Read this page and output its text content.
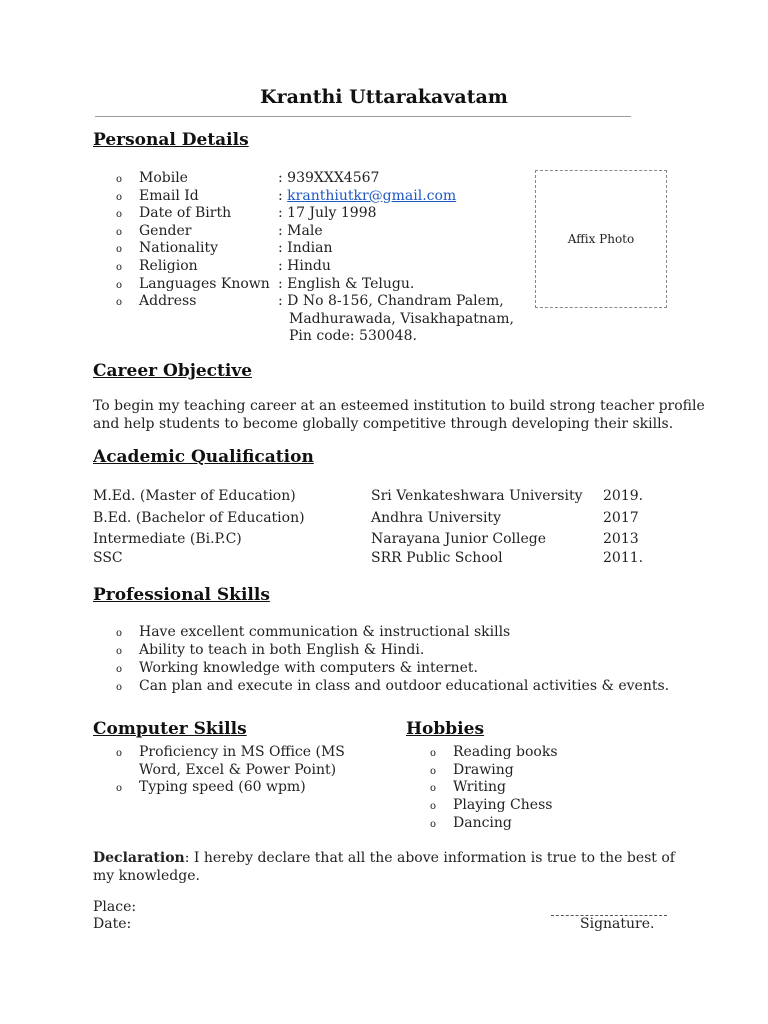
Kranthi Uttarakavatam
Personal Details
o Mobile	: 939XXX4567
o Email Id	: kranthiutkr@gmail.com
o Date of Birth	: 17 July 1998
o Gender	: Male
o Nationality	: Indian
o Religion	: Hindu
o Languages Known : English & Telugu.
o Address	: D No 8-156, Chandram Palem,
Madhurawada, Visakhapatnam,
Pin code: 530048.
Affix Photo
Career Objective
To begin my teaching career at an esteemed institution to build strong teacher profile
and help students to become globally competitive through developing their skills.
Academic Qualification
M.Ed. (Master of Education)	Sri Venkateshwara University 2019.
B.Ed. (Bachelor of Education)	Andhra University	2017
Intermediate (Bi.P.C)	Narayana Junior College	2013
SSC	SRR Public School	2011.
Professional Skills
o Have excellent communication & instructional skills
o Ability to teach in both English & Hindi.
o Working knowledge with computers & internet.
o Can plan and execute in class and outdoor educational activities & events.
Computer Skills
o Proficiency in MS Office (MS
Word, Excel & Power Point)
o Typing speed (60 wpm)
Hobbies
o Reading books
o Drawing
o Writing
o Playing Chess
o Dancing
Declaration: I hereby declare that all the above information is true to the best of
my knowledge.
Place:
Date:	Signature.
